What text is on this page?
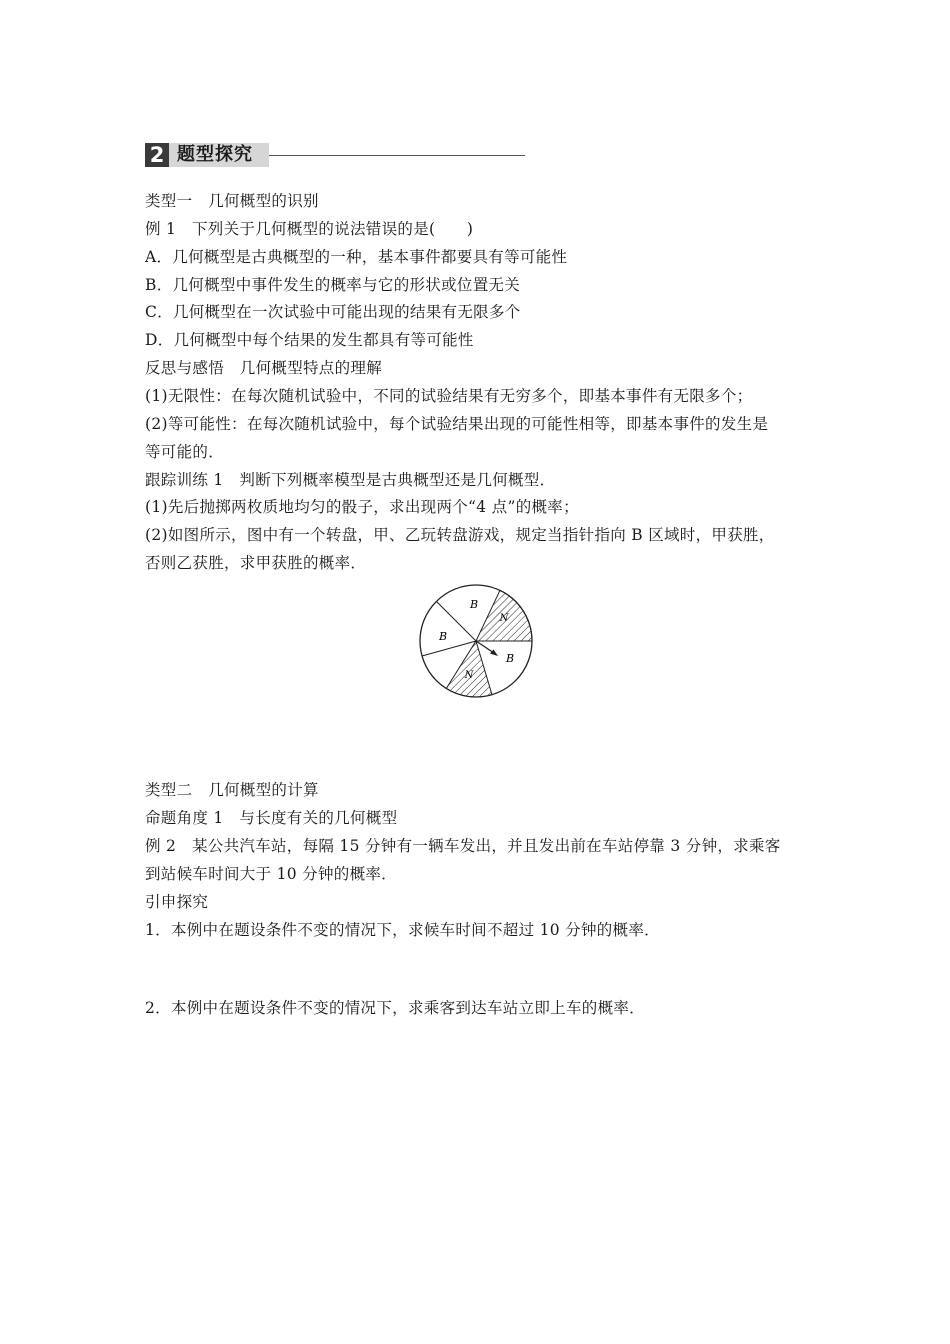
2 题型探究
类型一　几何概型的识别
例 1　下列关于几何概型的说法错误的是(　　)
A．几何概型是古典概型的一种，基本事件都要具有等可能性
B．几何概型中事件发生的概率与它的形状或位置无关
C．几何概型在一次试验中可能出现的结果有无限多个
D．几何概型中每个结果的发生都具有等可能性
反思与感悟　几何概型特点的理解
(1)无限性：在每次随机试验中，不同的试验结果有无穷多个，即基本事件有无限多个；
(2)等可能性：在每次随机试验中，每个试验结果出现的可能性相等，即基本事件的发生是
等可能的．
跟踪训练 1　判断下列概率模型是古典概型还是几何概型．
(1)先后抛掷两枚质地均匀的骰子，求出现两个“4 点”的概率；
(2)如图所示，图中有一个转盘，甲、乙玩转盘游戏，规定当指针指向 B 区域时，甲获胜，
否则乙获胜，求甲获胜的概率．
B
N
B
B
N
类型二　几何概型的计算
命题角度 1　与长度有关的几何概型
例 2　某公共汽车站，每隔 15 分钟有一辆车发出，并且发出前在车站停靠 3 分钟，求乘客
到站候车时间大于 10 分钟的概率．
引申探究
1．本例中在题设条件不变的情况下，求候车时间不超过 10 分钟的概率．
2．本例中在题设条件不变的情况下，求乘客到达车站立即上车的概率．
